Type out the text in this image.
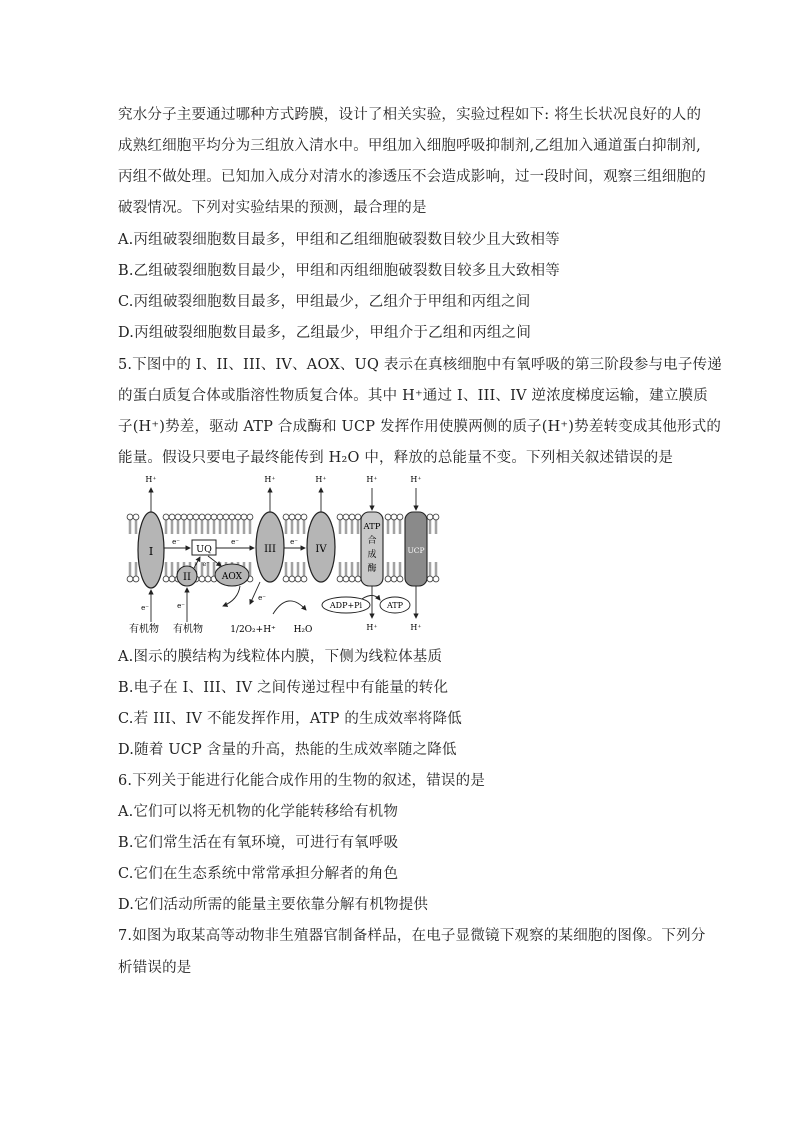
究水分子主要通过哪种方式跨膜，设计了相关实验，实验过程如下: 将生长状况良好的人的
成熟红细胞平均分为三组放入清水中。甲组加入细胞呼吸抑制剂,乙组加入通道蛋白抑制剂,
丙组不做处理。已知加入成分对清水的渗透压不会造成影响，过一段时间，观察三组细胞的
破裂情况。下列对实验结果的预测，最合理的是
A.丙组破裂细胞数目最多，甲组和乙组细胞破裂数目较少且大致相等
B.乙组破裂细胞数目最少，甲组和丙组细胞破裂数目较多且大致相等
C.丙组破裂细胞数目最多，甲组最少，乙组介于甲组和丙组之间
D.丙组破裂细胞数目最多，乙组最少，甲组介于乙组和丙组之间
5.下图中的 I、II、III、IV、AOX、UQ 表示在真核细胞中有氧呼吸的第三阶段参与电子传递
的蛋白质复合体或脂溶性物质复合体。其中 H⁺通过 I、III、IV 逆浓度梯度运输，建立膜质
子(H⁺)势差，驱动 ATP 合成酶和 UCP 发挥作用使膜两侧的质子(H⁺)势差转变成其他形式的
能量。假设只要电子最终能传到 H₂O 中，释放的总能量不变。下列相关叙述错误的是
I	UQ
II	AOX
III	IV
ATP
合
成
酶
UCP
H⁺	H⁺	H⁺	H⁺	H⁺
e⁻	e⁻	e⁻
e⁻
e⁻	e⁻
e⁻
ADP+Pi	ATP
H⁺	H⁺
有机物 有机物	1/2O₂+H⁺ H₂O
A.图示的膜结构为线粒体内膜，下侧为线粒体基质
B.电子在 I、III、IV 之间传递过程中有能量的转化
C.若 III、IV 不能发挥作用，ATP 的生成效率将降低
D.随着 UCP 含量的升高，热能的生成效率随之降低
6.下列关于能进行化能合成作用的生物的叙述，错误的是
A.它们可以将无机物的化学能转移给有机物
B.它们常生活在有氧环境，可进行有氧呼吸
C.它们在生态系统中常常承担分解者的角色
D.它们活动所需的能量主要依靠分解有机物提供
7.如图为取某高等动物非生殖器官制备样品，在电子显微镜下观察的某细胞的图像。下列分
析错误的是
